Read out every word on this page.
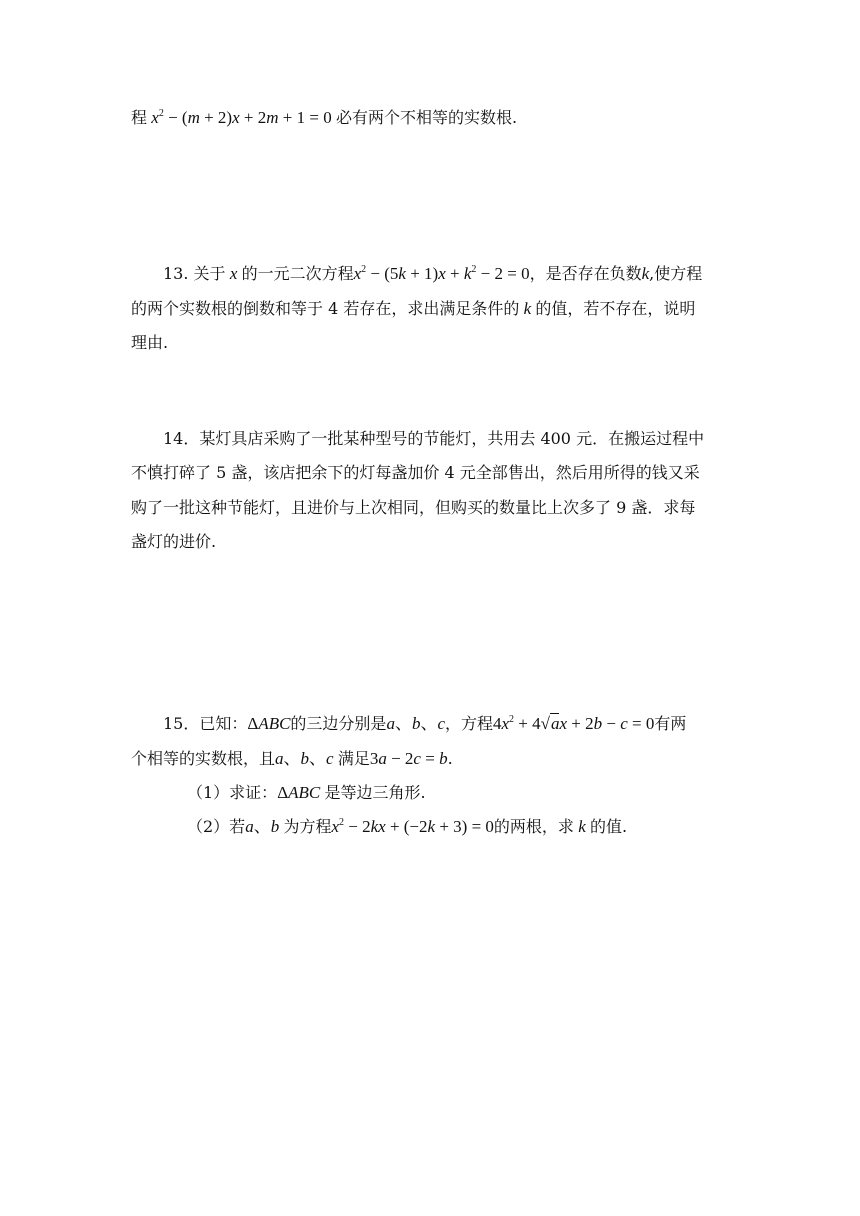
程 $x^2 - (m + 2)x + 2m + 1 = 0$ 必有两个不相等的实数根.
13. 关于 x 的一元二次方程$x^2 - (5k + 1)x + k^2 - 2 = 0$，是否存在负数k,使方程
的两个实数根的倒数和等于 4 若存在，求出满足条件的 k 的值，若不存在，说明
理由.
14．某灯具店采购了一批某种型号的节能灯，共用去 400 元．在搬运过程中
不慎打碎了 5 盏，该店把余下的灯每盏加价 4 元全部售出，然后用所得的钱又采
购了一批这种节能灯，且进价与上次相同，但购买的数量比上次多了 9 盏．求每
盏灯的进价.
15．已知：ΔABC的三边分别是a、b、c，方程$4x^2 + 4√ax + 2b - c = 0$有两
个相等的实数根，且a、b、c 满足3a − 2c = b.
（1）求证：ΔABC 是等边三角形.
（2）若a、b 为方程$x^2 - 2kx + (-2k + 3) = 0$的两根，求 k 的值.
